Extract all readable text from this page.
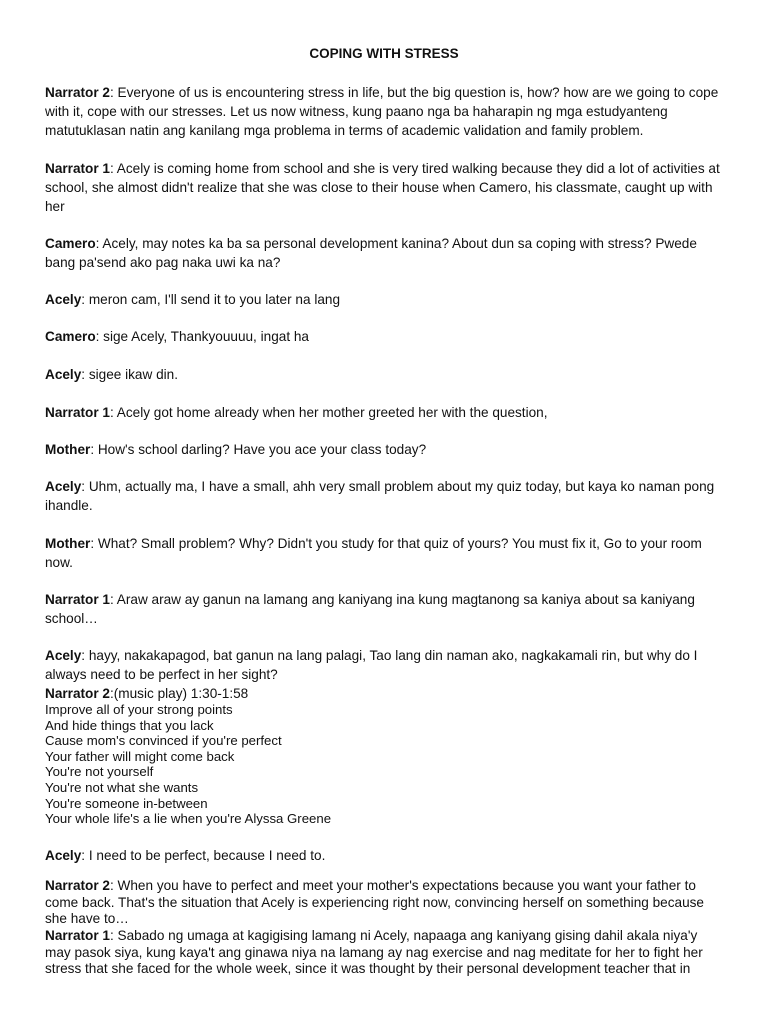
COPING WITH STRESS

Narrator 2: Everyone of us is encountering stress in life, but the big question is, how? how are we going to cope with it, cope with our stresses. Let us now witness, kung paano nga ba haharapin ng mga estudyanteng matutuklasan natin ang kanilang mga problema in terms of academic validation and family problem.

Narrator 1: Acely is coming home from school and she is very tired walking because they did a lot of activities at school, she almost didn't realize that she was close to their house when Camero, his classmate, caught up with her

Camero: Acely, may notes ka ba sa personal development kanina? About dun sa coping with stress? Pwede bang pa'send ako pag naka uwi ka na?

Acely: meron cam, I'll send it to you later na lang

Camero: sige Acely, Thankyouuuu, ingat ha

Acely: sigee ikaw din.

Narrator 1: Acely got home already when her mother greeted her with the question,

Mother: How's school darling? Have you ace your class today?

Acely: Uhm, actually ma, I have a small, ahh very small problem about my quiz today, but kaya ko naman pong ihandle.

Mother: What? Small problem? Why? Didn't you study for that quiz of yours? You must fix it, Go to your room now.

Narrator 1: Araw araw ay ganun na lamang ang kaniyang ina kung magtanong sa kaniya about sa kaniyang school…

Acely: hayy, nakakapagod, bat ganun na lang palagi, Tao lang din naman ako, nagkakamali rin, but why do I always need to be perfect in her sight?

Narrator 2:(music play) 1:30-1:58

Improve all of your strong points
And hide things that you lack
Cause mom's convinced if you're perfect
Your father will might come back
You're not yourself
You're not what she wants
You're someone in-between
Your whole life's a lie when you're Alyssa Greene

Acely: I need to be perfect, because I need to.

Narrator 2: When you have to perfect and meet your mother's expectations because you want your father to come back. That's the situation that Acely is experiencing right now, convincing herself on something because she have to…

Narrator 1: Sabado ng umaga at kagigising lamang ni Acely, napaaga ang kaniyang gising dahil akala niya'y may pasok siya, kung kaya't ang ginawa niya na lamang ay nag exercise and nag meditate for her to fight her stress that she faced for the whole week, since it was thought by their personal development teacher that in
